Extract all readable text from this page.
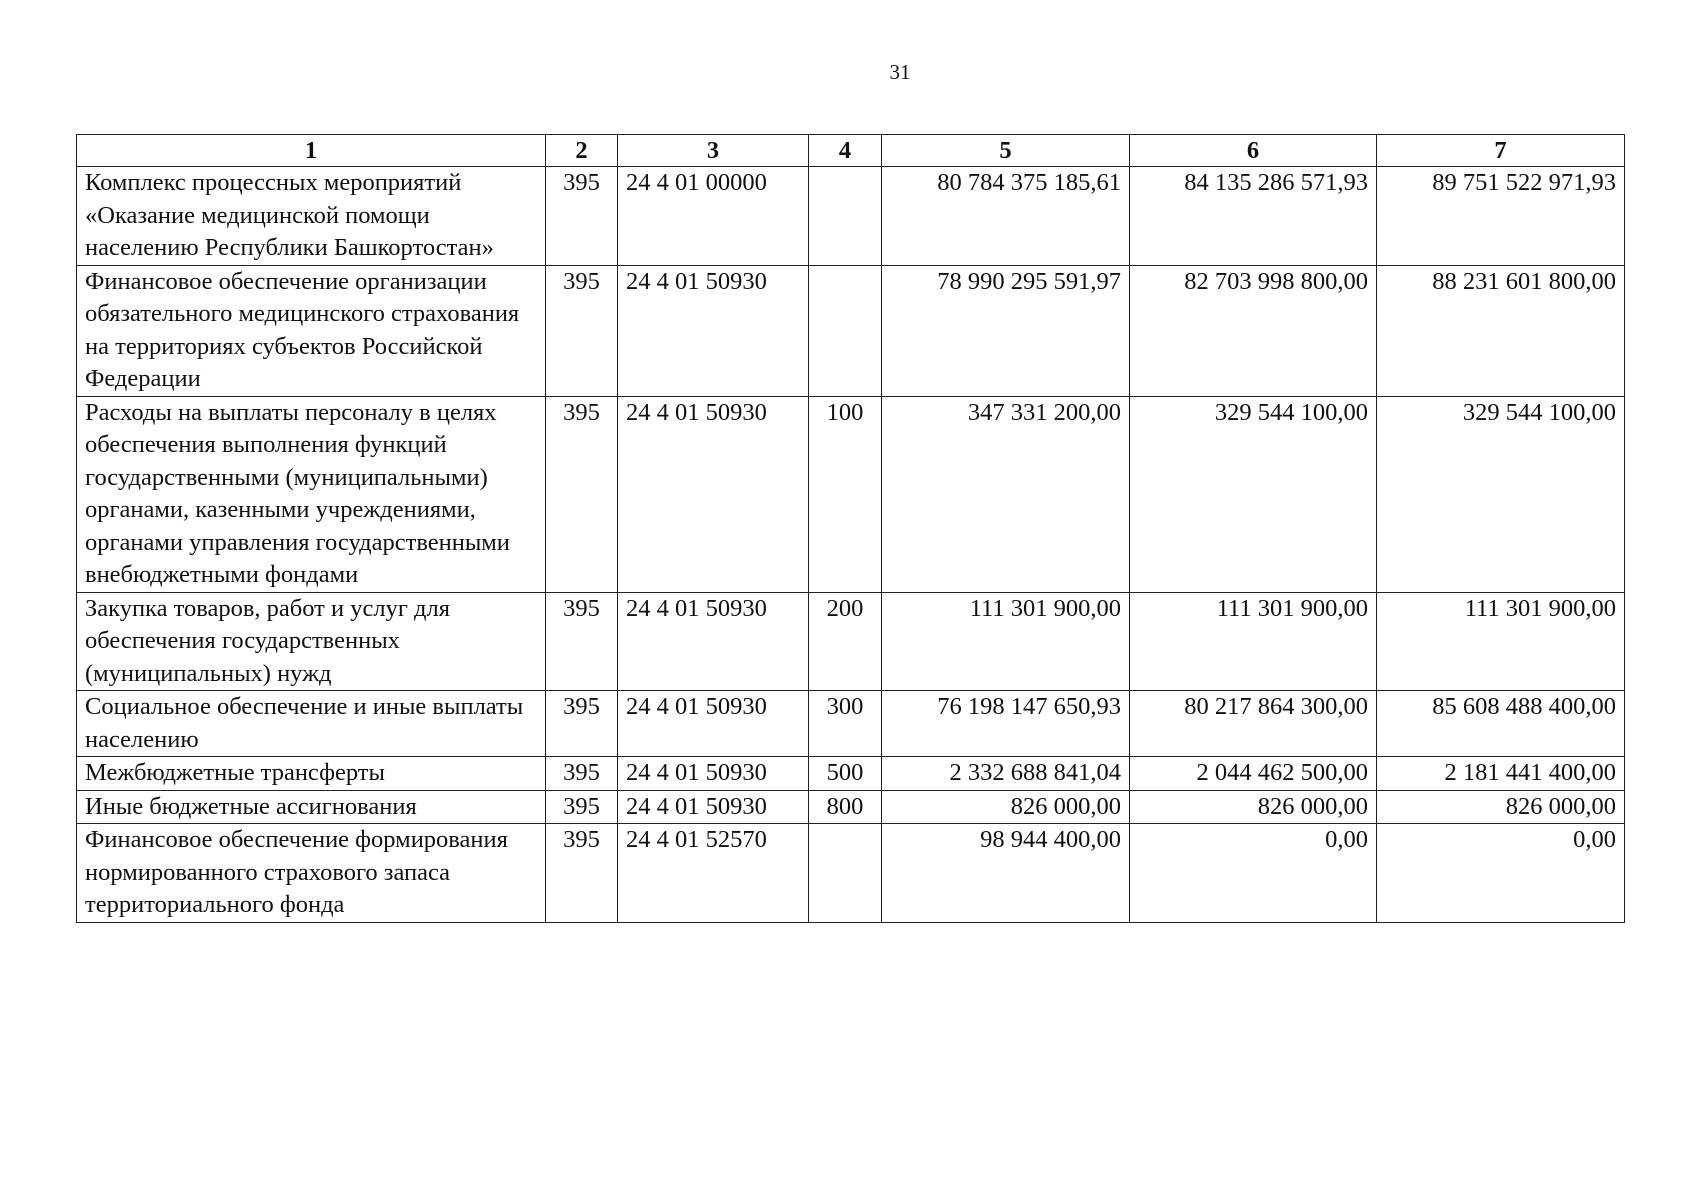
31
1	2	3	4	5	6	7
Комплекс процессных мероприятий «Оказание медицинской помощи населению Республики Башкортостан»	395	24 4 01 00000		80 784 375 185,61	84 135 286 571,93	89 751 522 971,93
Финансовое обеспечение организации обязательного медицинского страхования на территориях субъектов Российской Федерации	395	24 4 01 50930		78 990 295 591,97	82 703 998 800,00	88 231 601 800,00
Расходы на выплаты персоналу в целях обеспечения выполнения функций государственными (муниципальными) органами, казенными учреждениями, органами управления государственными внебюджетными фондами	395	24 4 01 50930	100	347 331 200,00	329 544 100,00	329 544 100,00
Закупка товаров, работ и услуг для обеспечения государственных (муниципальных) нужд	395	24 4 01 50930	200	111 301 900,00	111 301 900,00	111 301 900,00
Социальное обеспечение и иные выплаты населению	395	24 4 01 50930	300	76 198 147 650,93	80 217 864 300,00	85 608 488 400,00
Межбюджетные трансферты	395	24 4 01 50930	500	2 332 688 841,04	2 044 462 500,00	2 181 441 400,00
Иные бюджетные ассигнования	395	24 4 01 50930	800	826 000,00	826 000,00	826 000,00
Финансовое обеспечение формирования нормированного страхового запаса территориального фонда	395	24 4 01 52570		98 944 400,00	0,00	0,00
